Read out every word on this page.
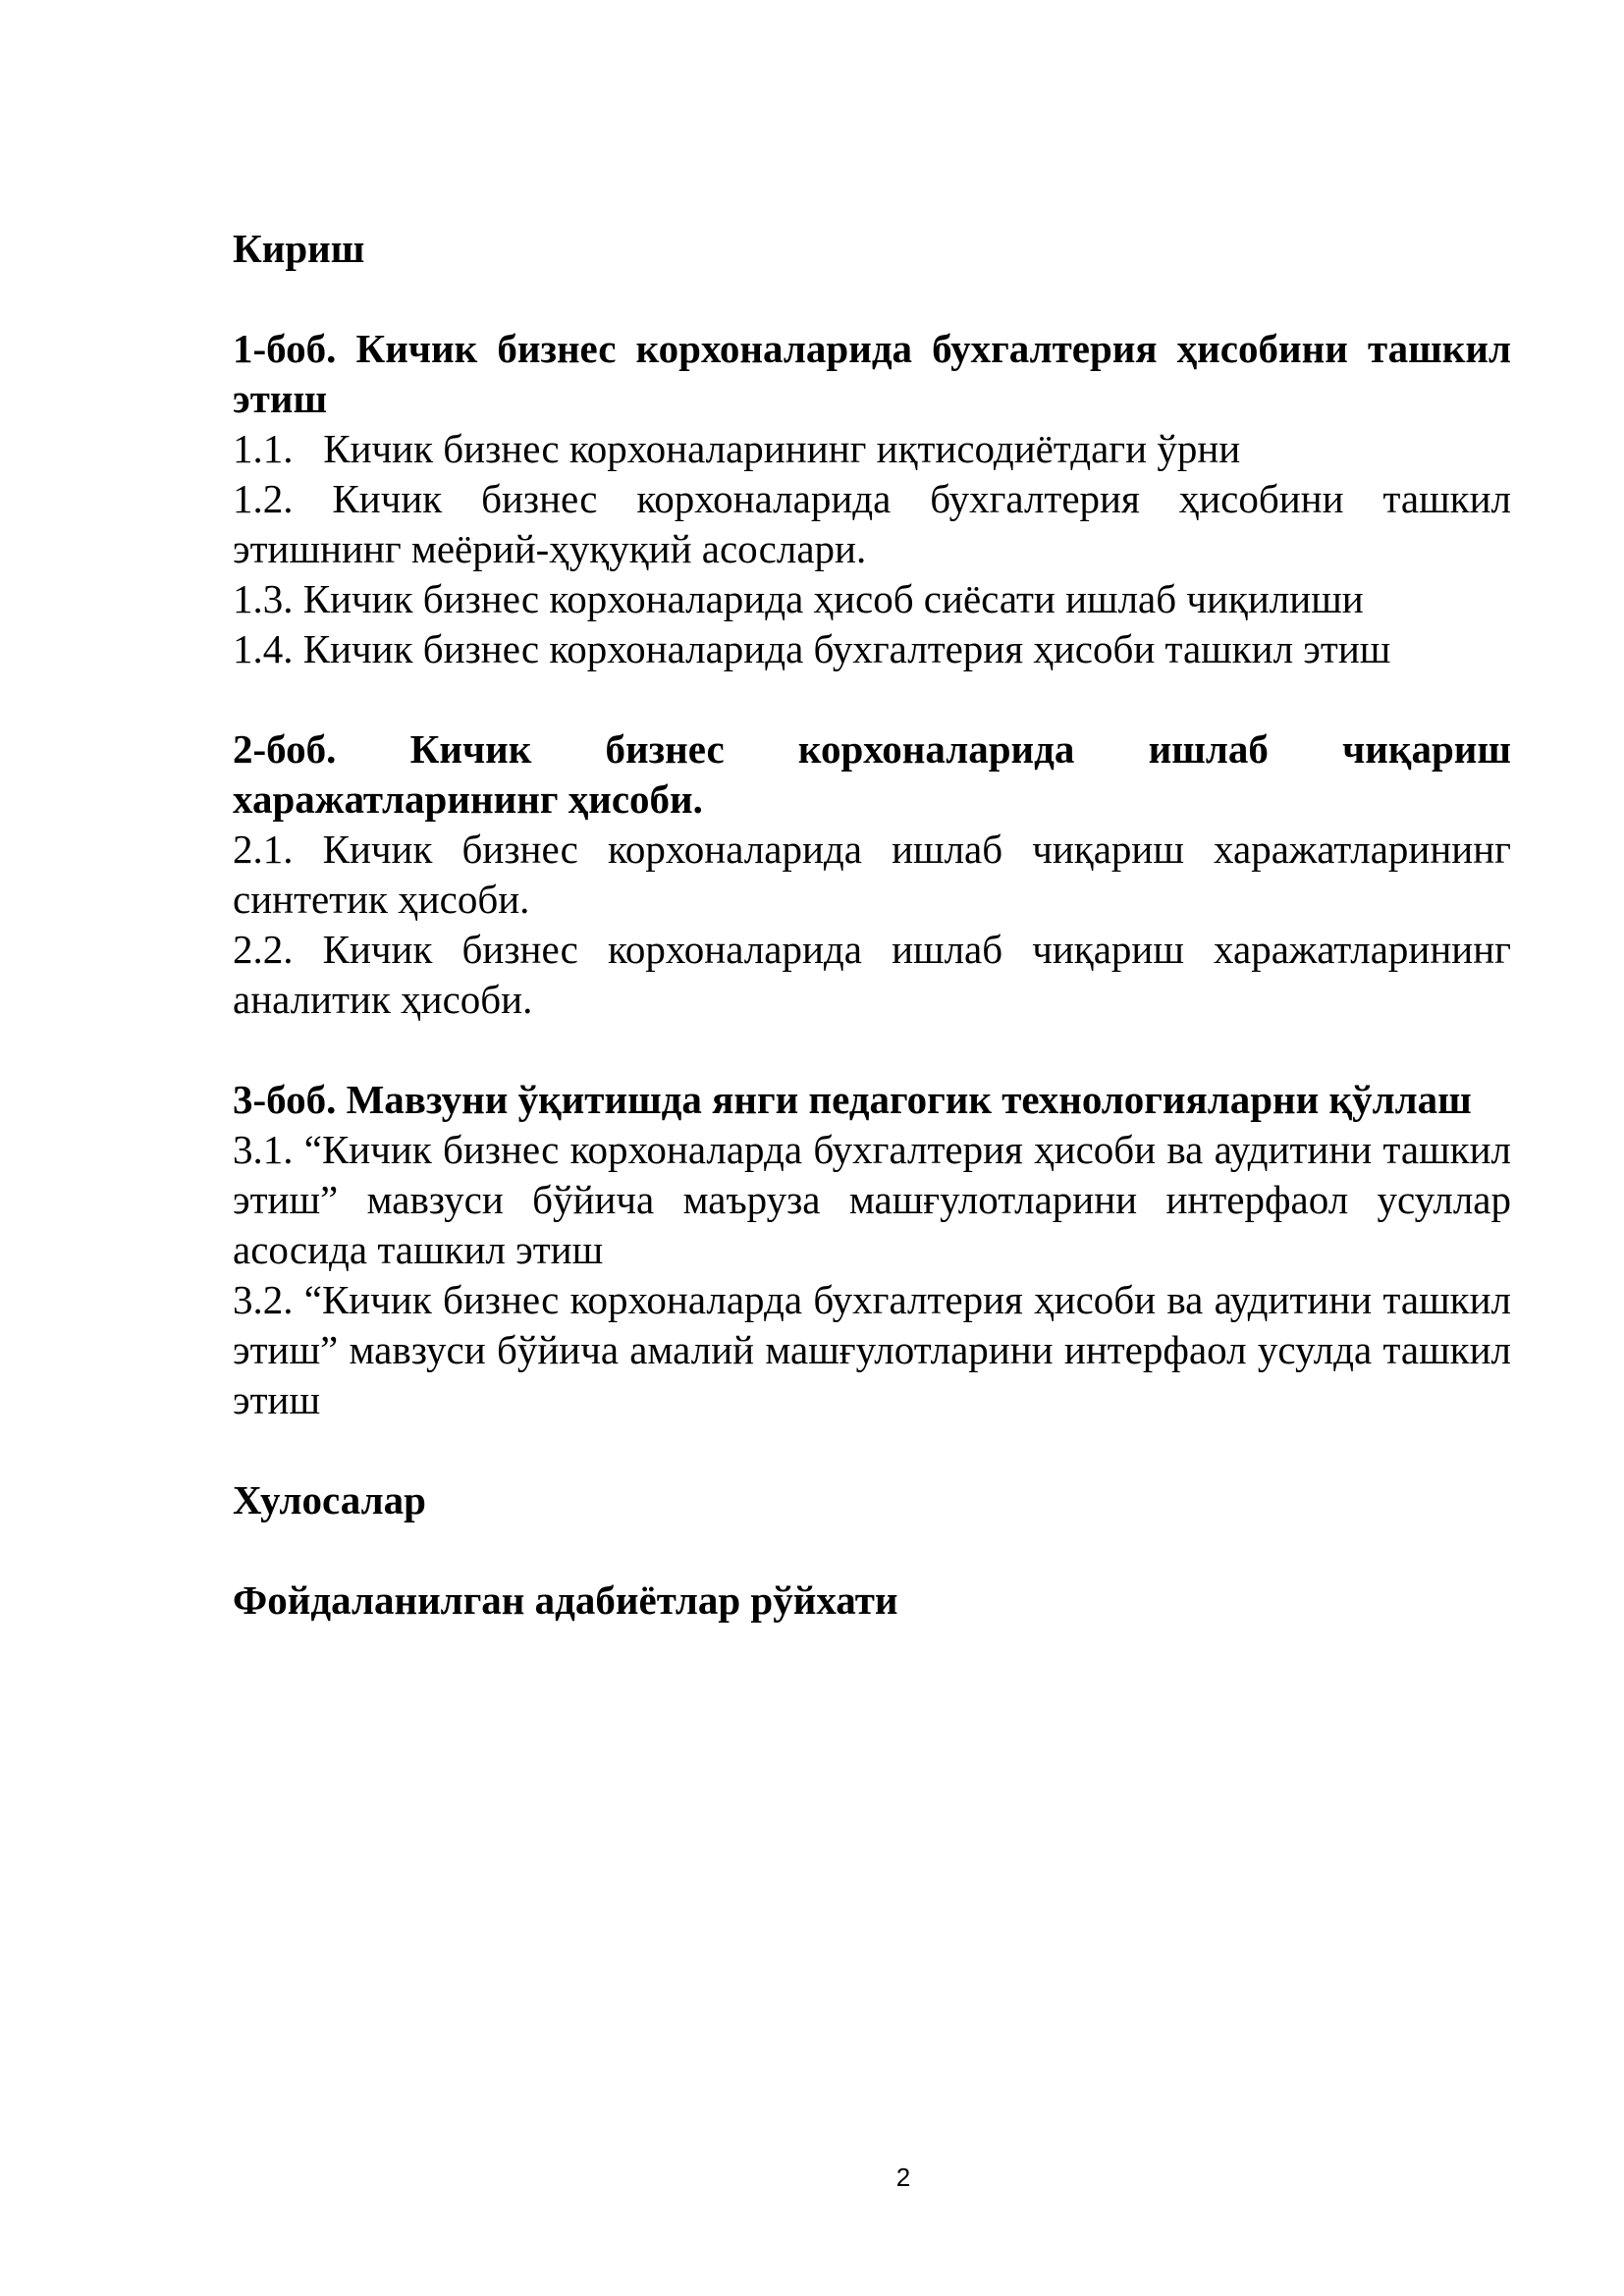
Кириш

1-боб. Кичик бизнес корхоналарида бухгалтерия ҳисобини ташкил этиш

1.1.   Кичик бизнес корхоналарининг иқтисодиётдаги ўрни

1.2. Кичик бизнес корхоналарида бухгалтерия ҳисобини ташкил этишнинг меёрий-ҳуқуқий асослари.

1.3. Кичик бизнес корхоналарида ҳисоб сиёсати ишлаб чиқилиши

1.4. Кичик бизнес корхоналарида бухгалтерия ҳисоби ташкил этиш

2-боб. Кичик бизнес корхоналарида ишлаб чиқариш харажатларининг ҳисоби.

2.1. Кичик бизнес корхоналарида ишлаб чиқариш харажатларининг синтетик ҳисоби.

2.2. Кичик бизнес корхоналарида ишлаб чиқариш харажатларининг аналитик ҳисоби.

3-боб. Мавзуни ўқитишда янги педагогик технологияларни қўллаш

3.1. “Кичик бизнес корхоналарда бухгалтерия ҳисоби ва аудитини ташкил этиш” мавзуси бўйича маъруза машғулотларини интерфаол усуллар асосида ташкил этиш

3.2. “Кичик бизнес корхоналарда бухгалтерия ҳисоби ва аудитини ташкил этиш” мавзуси бўйича амалий машғулотларини интерфаол усулда ташкил этиш

Хулосалар

Фойдаланилган адабиётлар рўйхати

2
